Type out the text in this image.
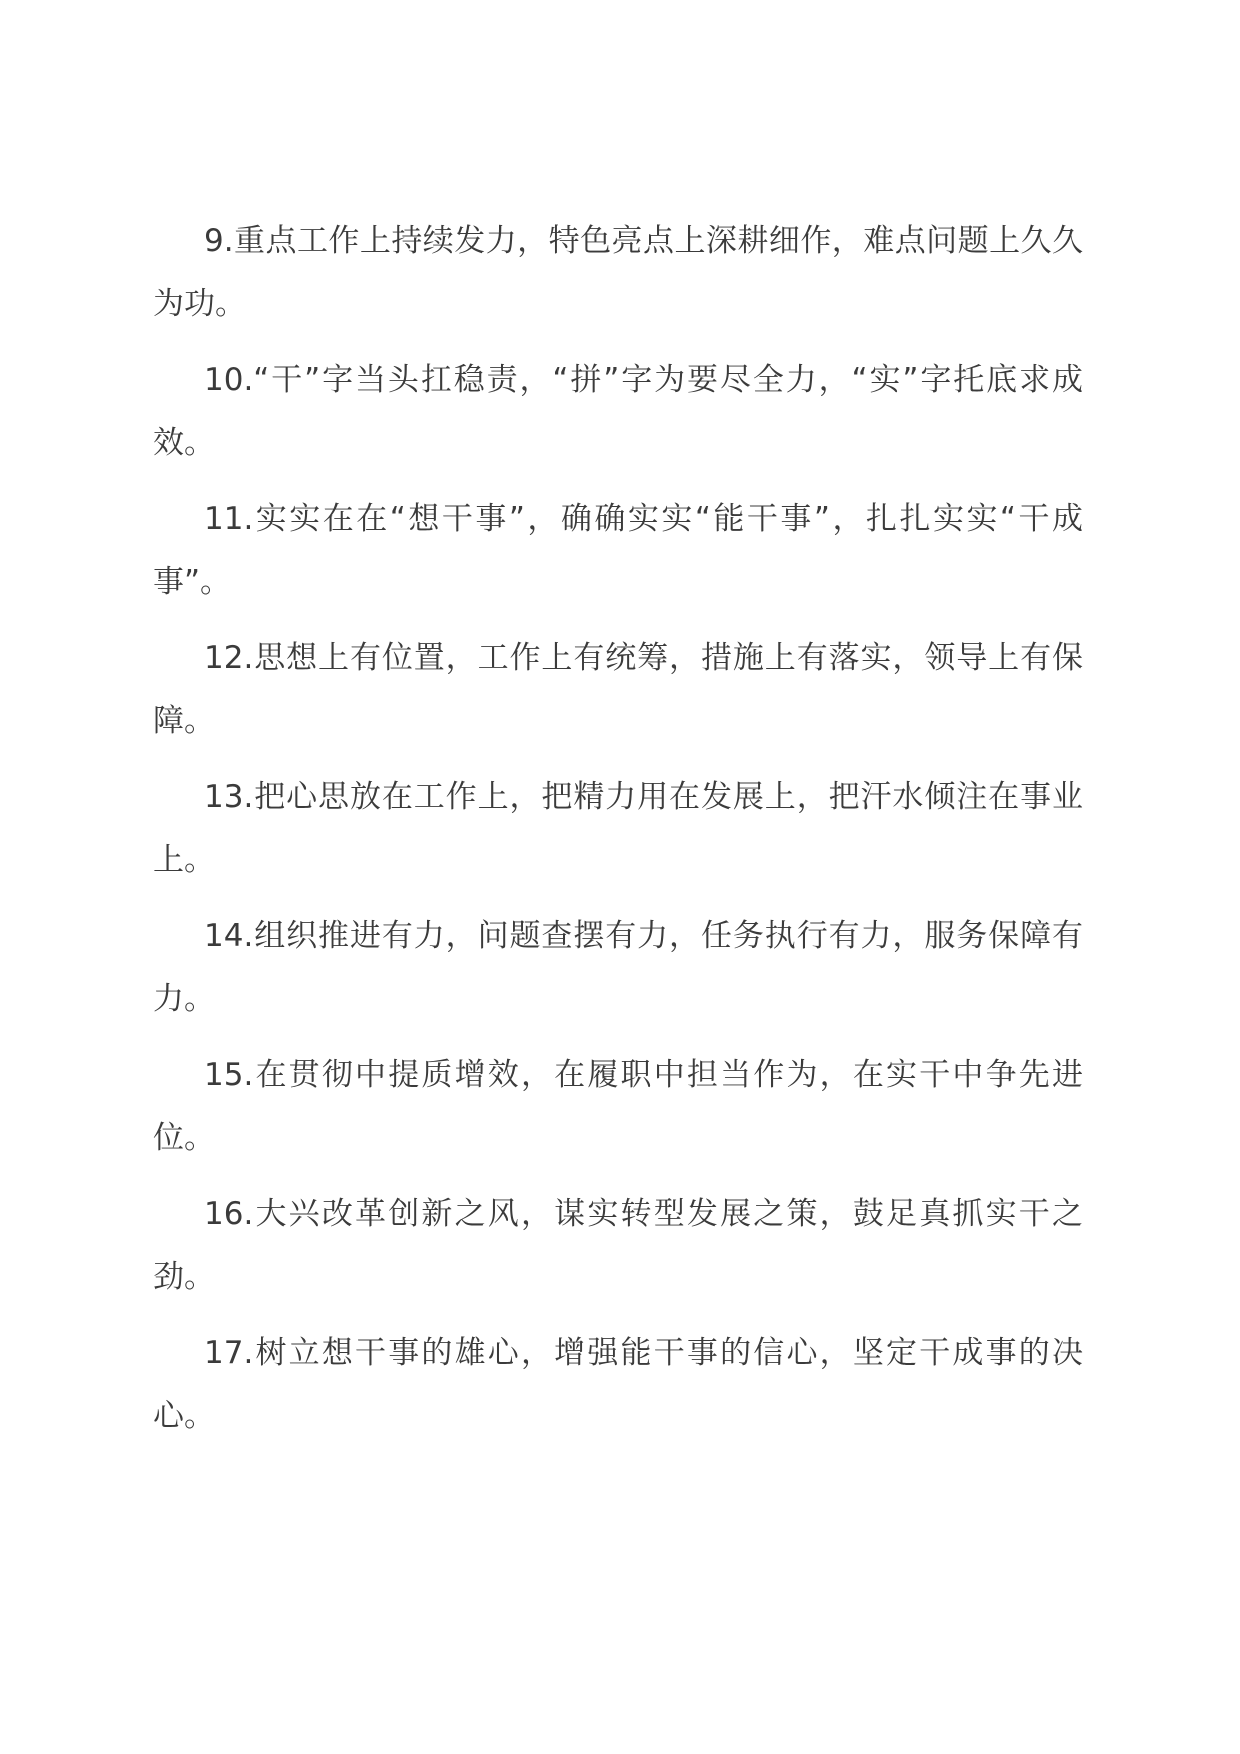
9.重点工作上持续发力，特色亮点上深耕细作，难点问题上久久为功。

10.“干”字当头扛稳责，“拼”字为要尽全力，“实”字托底求成效。

11.实实在在“想干事”，确确实实“能干事”，扎扎实实“干成事”。

12.思想上有位置，工作上有统筹，措施上有落实，领导上有保障。

13.把心思放在工作上，把精力用在发展上，把汗水倾注在事业上。

14.组织推进有力，问题查摆有力，任务执行有力，服务保障有力。

15.在贯彻中提质增效，在履职中担当作为，在实干中争先进位。

16.大兴改革创新之风，谋实转型发展之策，鼓足真抓实干之劲。

17.树立想干事的雄心，增强能干事的信心，坚定干成事的决心。
